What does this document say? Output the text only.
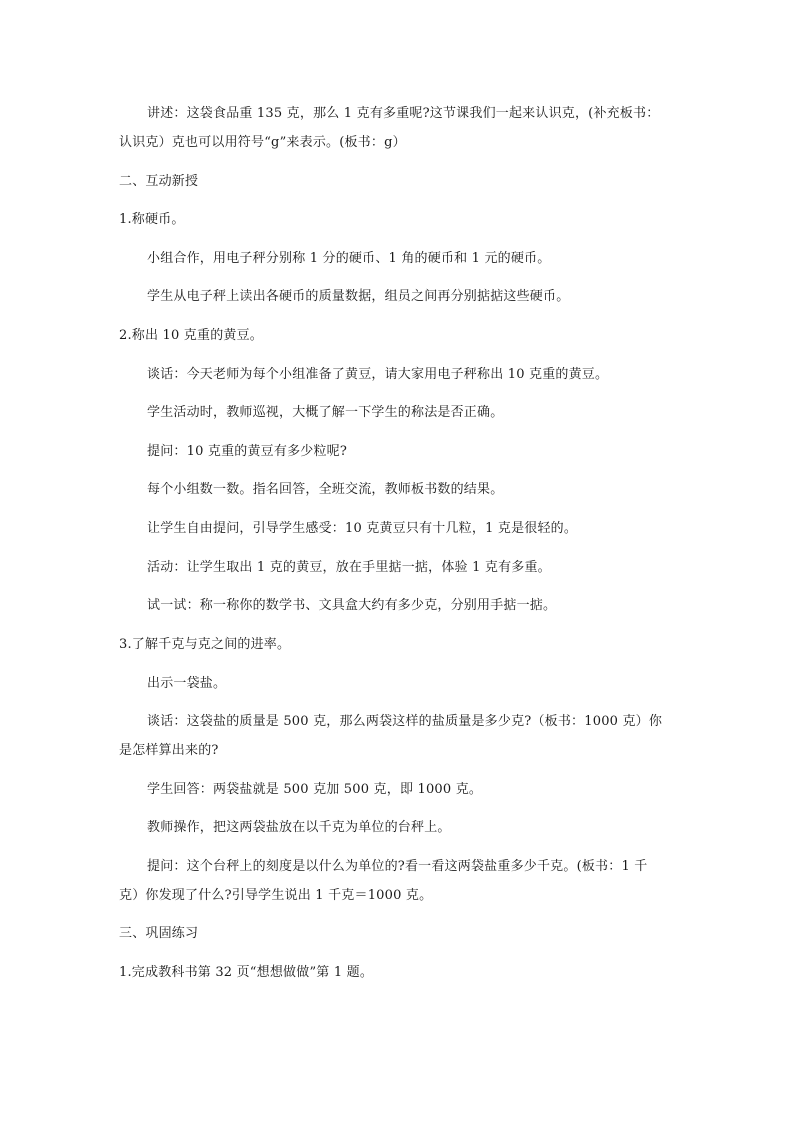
讲述：这袋食品重 135 克，那么 1 克有多重呢?这节课我们一起来认识克，(补充板书：
认识克）克也可以用符号“g”来表示。(板书：g）
二、互动新授
1.称硬币。
小组合作，用电子秤分别称 1 分的硬币、1 角的硬币和 1 元的硬币。
学生从电子秤上读出各硬币的质量数据，组员之间再分别掂掂这些硬币。
2.称出 10 克重的黄豆。
谈话：今天老师为每个小组准备了黄豆，请大家用电子秤称出 10 克重的黄豆。
学生活动时，教师巡视，大概了解一下学生的称法是否正确。
提问：10 克重的黄豆有多少粒呢?
每个小组数一数。指名回答，全班交流，教师板书数的结果。
让学生自由提问，引导学生感受：10 克黄豆只有十几粒，1 克是很轻的。
活动：让学生取出 1 克的黄豆，放在手里掂一掂，体验 1 克有多重。
试一试：称一称你的数学书、文具盒大约有多少克，分别用手掂一掂。
3.了解千克与克之间的进率。
出示一袋盐。
谈话：这袋盐的质量是 500 克，那么两袋这样的盐质量是多少克?（板书：1000 克）你
是怎样算出来的?
学生回答：两袋盐就是 500 克加 500 克，即 1000 克。
教师操作，把这两袋盐放在以千克为单位的台秤上。
提问：这个台秤上的刻度是以什么为单位的?看一看这两袋盐重多少千克。(板书：1 千
克）你发现了什么?引导学生说出 1 千克＝1000 克。
三、巩固练习
1.完成教科书第 32 页“想想做做”第 1 题。
